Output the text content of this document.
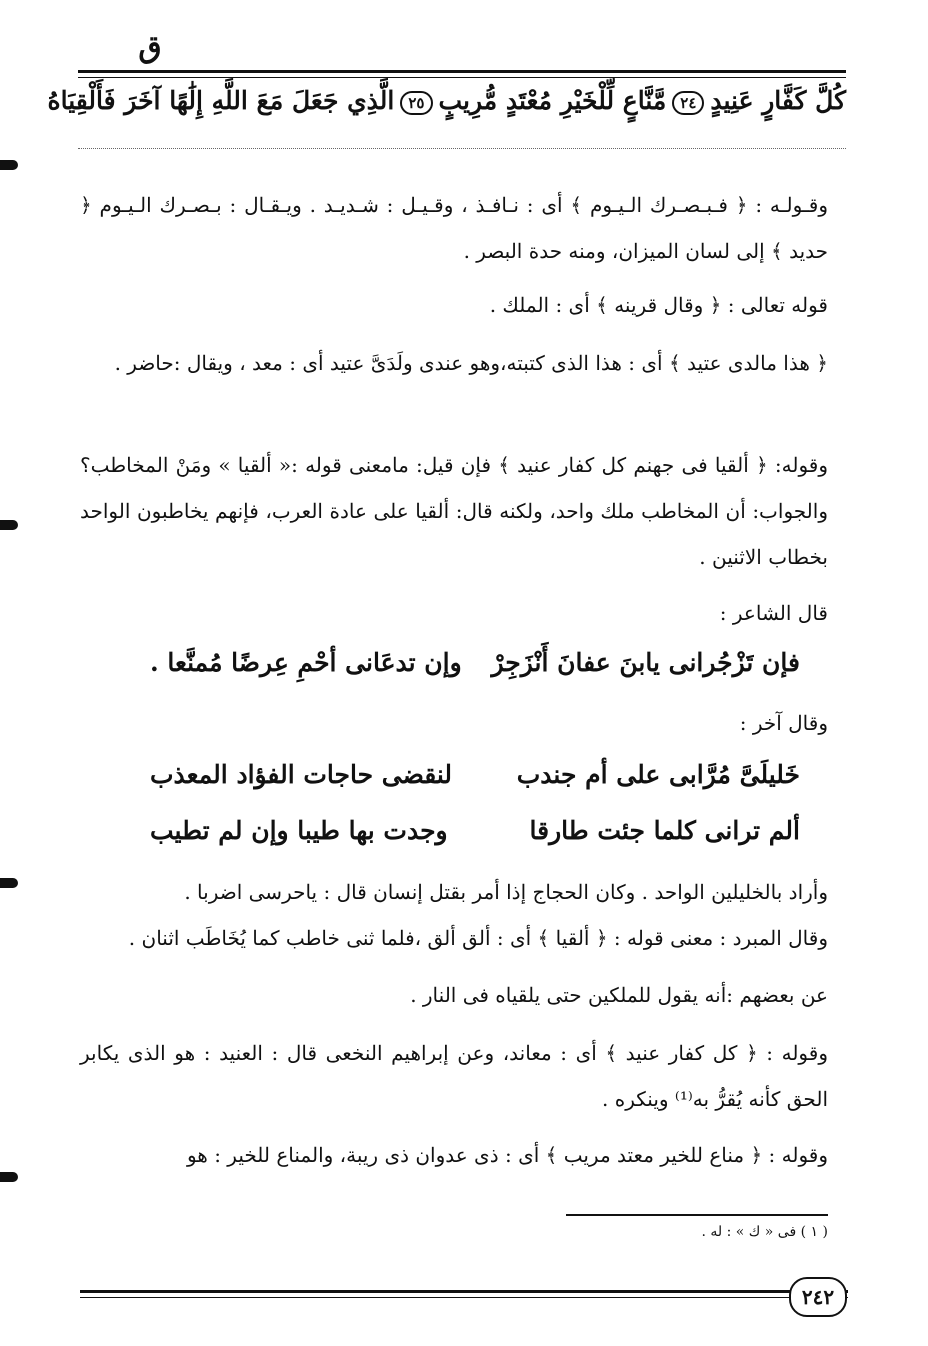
ق
كُلَّ كَفَّارٍ عَنِيدٍ٢٤مَّنَّاعٍ لِّلْخَيْرِ مُعْتَدٍ مُّرِيبٍ٢٥الَّذِي جَعَلَ مَعَ اللَّهِ إِلَٰهًا آخَرَ فَأَلْقِيَاهُ
وقـولـه : ﴿ فـبـصـرك الـيـوم ﴾ أى : نـافـذ ، وقـيـل : شـديـد . ويـقـال : بـصـرك الـيـوم ﴿ حديد ﴾ إلى لسان الميزان، ومنه حدة البصر .
قوله تعالى : ﴿ وقال قرينه ﴾ أى : الملك .
﴿ هذا مالدى عتيد ﴾ أى : هذا الذى كتبته،وهو عندى ولَدَىَّ عتيد أى : معد ، ويقال :حاضر .
وقوله: ﴿ ألقيا فى جهنم كل كفار عنيد ﴾ فإن قيل: مامعنى قوله :« ألقيا » ومَنْ المخاطب؟ والجواب: أن المخاطب ملك واحد، ولكنه قال: ألقيا على عادة العرب، فإنهم يخاطبون الواحد بخطاب الاثنين .
قال الشاعر :
فإن تَزْجُرانى يابنَ عفانَ أَنْزَجِرْ
وإن تدعَانى أحْمِ عِرضًا مُمنَّعا .
وقال آخر :
خَليلَىَّ مُرَّابى على أم جندب
لنقضى حاجات الفؤاد المعذب
ألم ترانى كلما جئت طارقا
وجدت بها طيبا وإن لم تطيب
وأراد بالخليلين الواحد . وكان الحجاج إذا أمر بقتل إنسان قال : ياحرسى اضربا .
وقال المبرد : معنى قوله : ﴿ ألقيا ﴾ أى : ألق ألق ،فلما ثنى خاطب كما يُخَاطَب اثنان .
عن بعضهم :أنه يقول للملكين حتى يلقياه فى النار .
وقوله : ﴿ كل كفار عنيد ﴾ أى : معاند، وعن إبراهيم النخعى قال : العنيد : هو الذى يكابر الحق كأنه يُقرُّ به⁽¹⁾ وينكره .
وقوله : ﴿ مناع للخير معتد مريب ﴾ أى : ذى عدوان ذى ريبة، والمناع للخير : هو
( ١ ) فى « ك » : له .
٢٤٢
